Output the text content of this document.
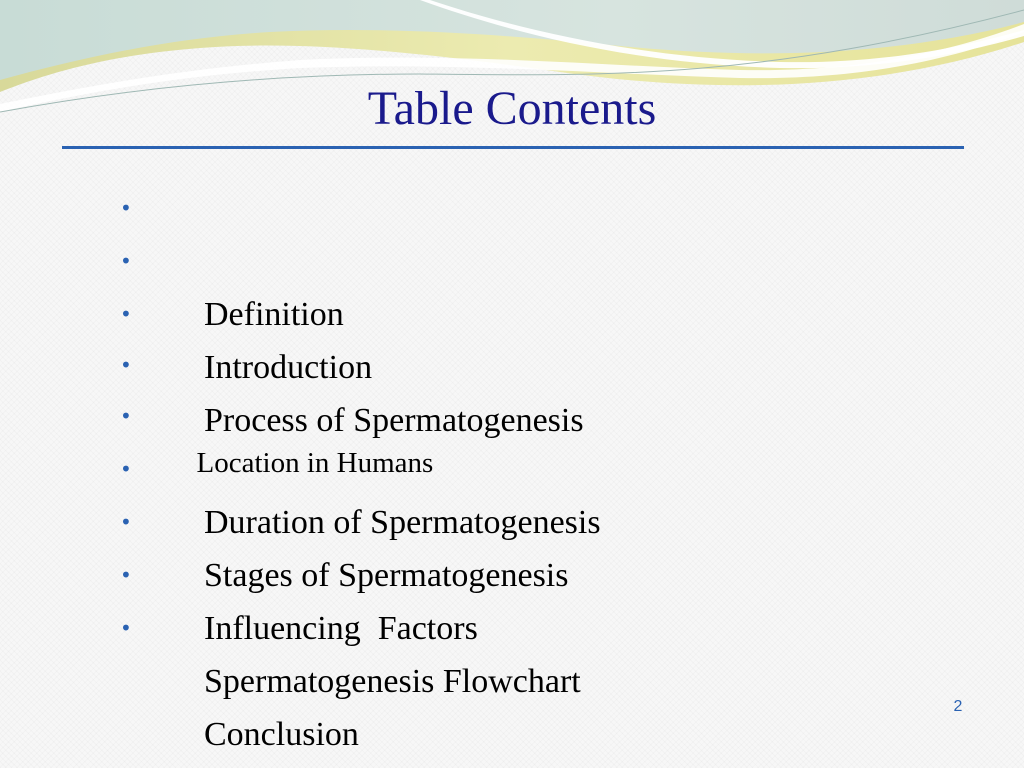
Table Contents

•

Definition

•

Introduction

•

Process of Spermatogenesis

•

Location in Humans

•

Duration of Spermatogenesis

•

Stages of Spermatogenesis

•

Influencing  Factors

•

Spermatogenesis Flowchart

•

Conclusion

2
